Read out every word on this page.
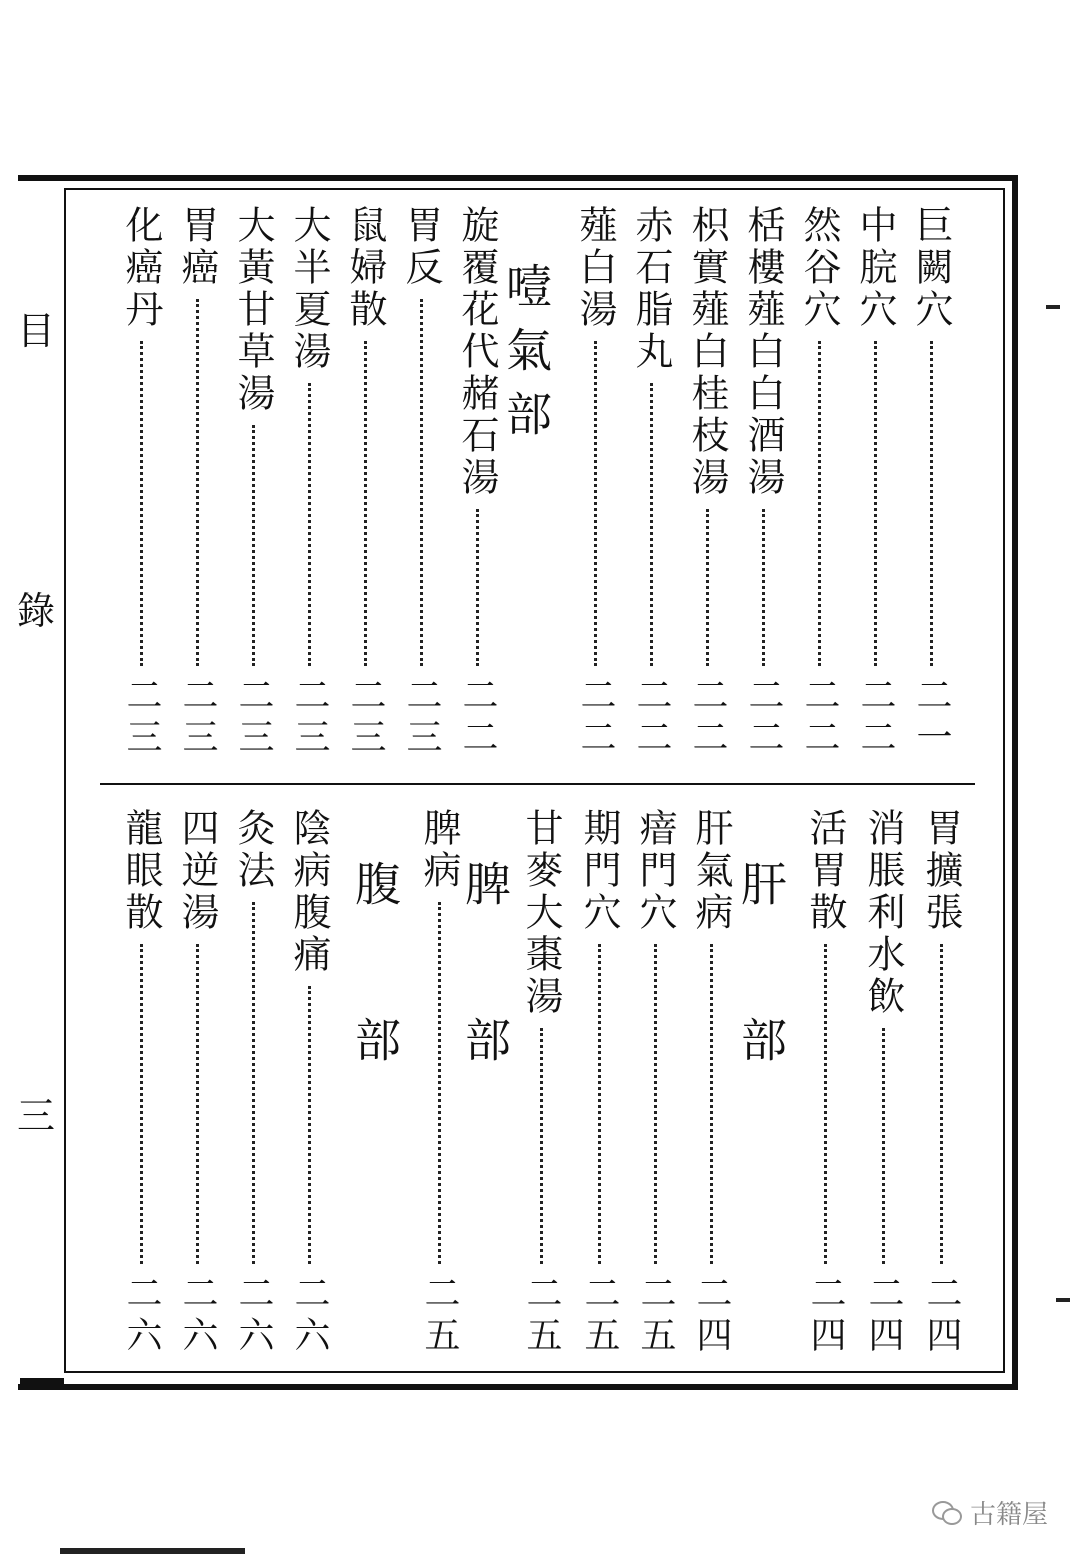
目
錄
三
巨闕穴
二一
中脘穴
二二
然谷穴
二二
栝樓薤白白酒湯
二二
枳實薤白桂枝湯
二二
赤石脂丸
二二
薤白湯
二二
噎氣部
旋覆花代赭石湯
二二
胃反
二三
鼠婦散
二三
大半夏湯
二三
大黃甘草湯
二三
胃癌
二三
化癌丹
二三
胃擴張
二四
消脹利水飲
二四
活胃散
二四
肝部
肝氣病
二四
瘖門穴
二五
期門穴
二五
甘麥大棗湯
二五
脾部
脾病
二五
腹部
陰病腹痛
二六
灸法
二六
四逆湯
二六
龍眼散
二六
古籍屋
